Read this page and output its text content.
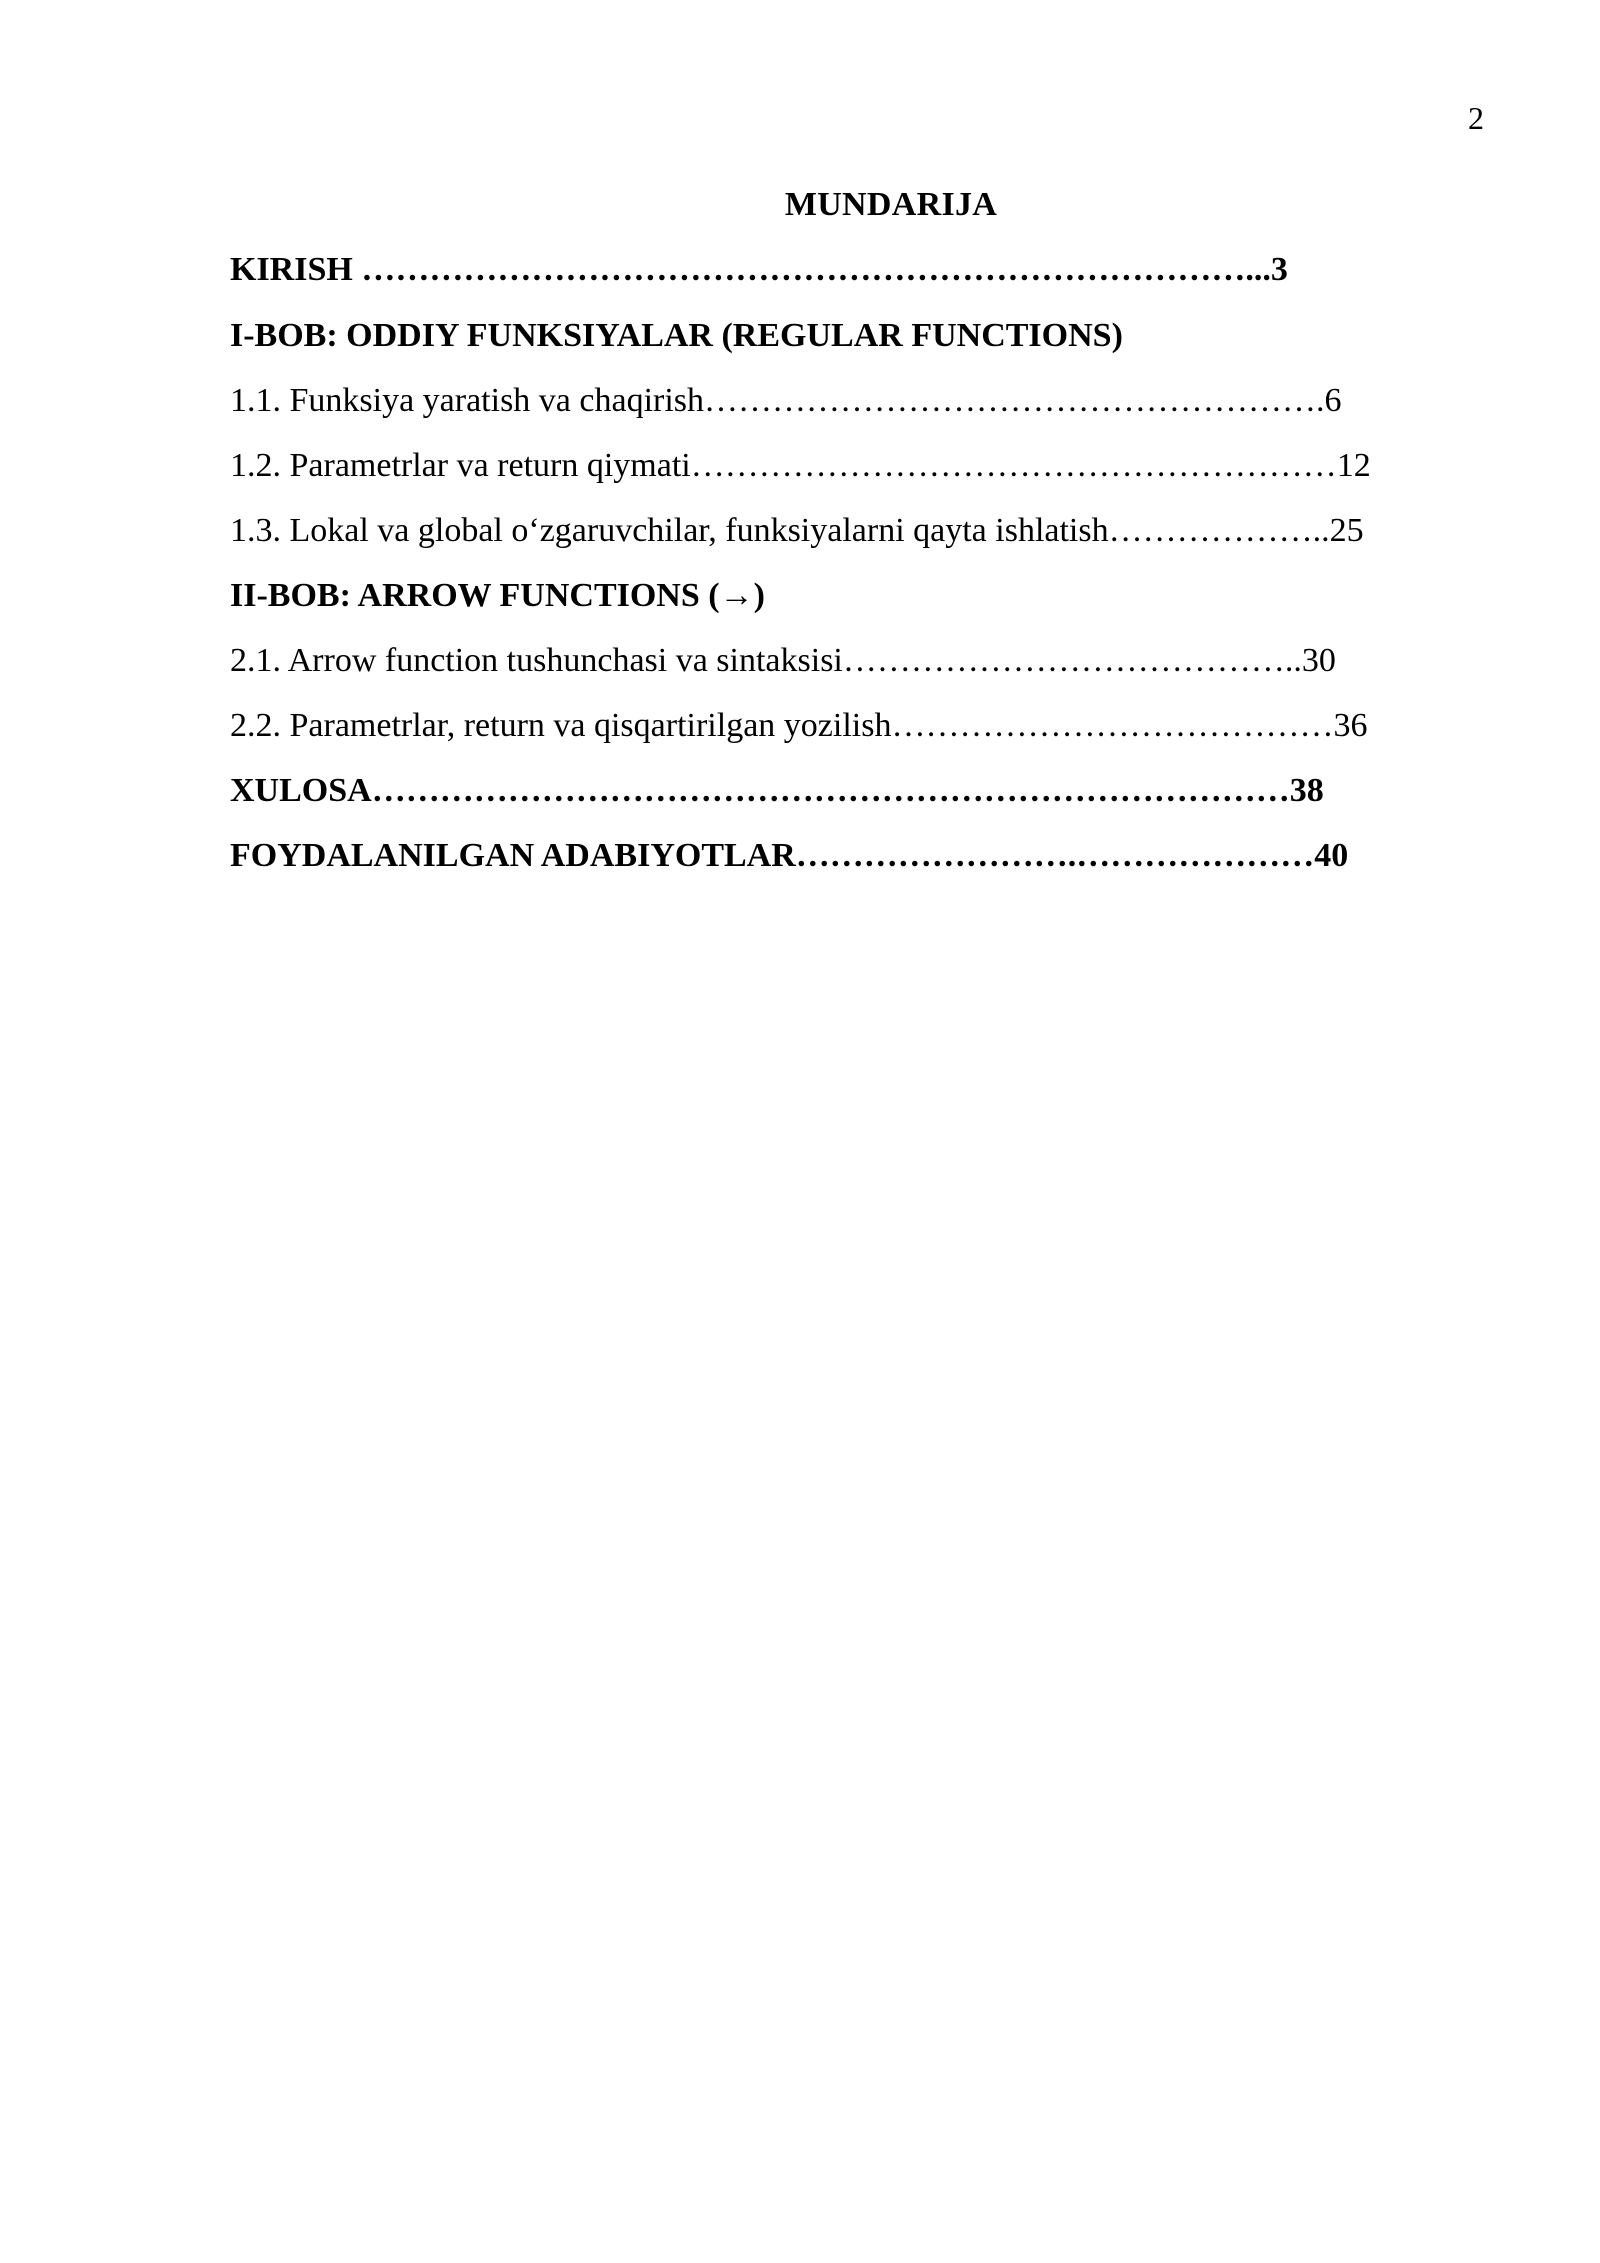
2
MUNDARIJA
KIRISH ……………………………………………………………………...3
I-BOB: ODDIY FUNKSIYALAR (REGULAR FUNCTIONS)
1.1. Funksiya yaratish va chaqirish……………………………………………….6
1.2. Parametrlar va return qiymati…………………………………………………12
1.3. Lokal va global o‘zgaruvchilar, funksiyalarni qayta ishlatish………………..25
II-BOB: ARROW FUNCTIONS (→)
2.1. Arrow function tushunchasi va sintaksisi…………………………………..30
2.2. Parametrlar, return va qisqartirilgan yozilish…………………………………36
XULOSA………………………………………………………………………38
FOYDALANILGAN ADABIYOTLAR…………………….…………………40
